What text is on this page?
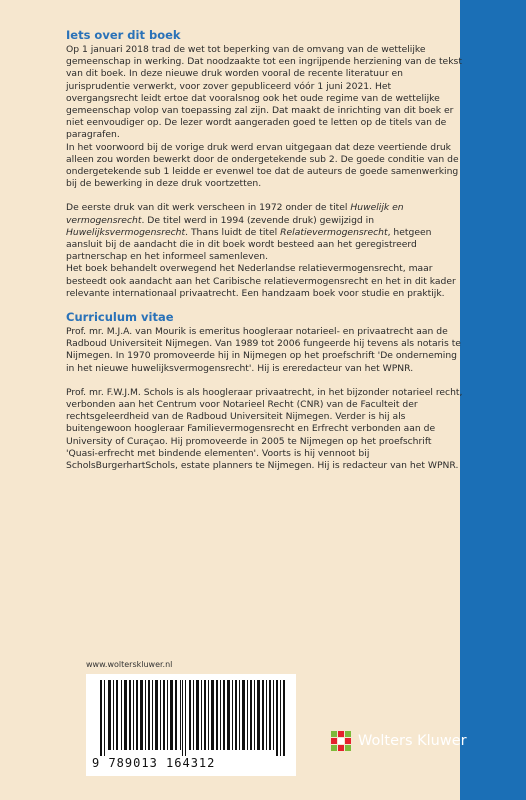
Iets over dit boek

Op 1 januari 2018 trad de wet tot beperking van de omvang van de wettelijke gemeenschap in werking. Dat noodzaakte tot een ingrijpende herziening van de tekst van dit boek. In deze nieuwe druk worden vooral de recente literatuur en jurisprudentie verwerkt, voor zover gepubliceerd vóór 1 juni 2021. Het overgangsrecht leidt ertoe dat vooralsnog ook het oude regime van de wettelijke gemeenschap volop van toepassing zal zijn. Dat maakt de inrichting van dit boek er niet eenvoudiger op. De lezer wordt aangeraden goed te letten op de titels van de paragrafen.

In het voorwoord bij de vorige druk werd ervan uitgegaan dat deze veertiende druk alleen zou worden bewerkt door de ondergetekende sub 2. De goede conditie van de ondergetekende sub 1 leidde er evenwel toe dat de auteurs de goede samenwerking bij de bewerking in deze druk voortzetten.

De eerste druk van dit werk verscheen in 1972 onder de titel Huwelijk en vermogensrecht. De titel werd in 1994 (zevende druk) gewijzigd in Huwelijksvermogensrecht. Thans luidt de titel Relatievermogensrecht, hetgeen aansluit bij de aandacht die in dit boek wordt besteed aan het geregistreerd partnerschap en het informeel samenleven.

Het boek behandelt overwegend het Nederlandse relatievermogensrecht, maar besteedt ook aandacht aan het Caribische relatievermogensrecht en het in dit kader relevante internationaal privaatrecht. Een handzaam boek voor studie en praktijk.

Curriculum vitae

Prof. mr. M.J.A. van Mourik is emeritus hoogleraar notarieel- en privaatrecht aan de Radboud Universiteit Nijmegen. Van 1989 tot 2006 fungeerde hij tevens als notaris te Nijmegen. In 1970 promoveerde hij in Nijmegen op het proefschrift 'De onderneming in het nieuwe huwelijksvermogensrecht'. Hij is ereredacteur van het WPNR.

Prof. mr. F.W.J.M. Schols is als hoogleraar privaatrecht, in het bijzonder notarieel recht, verbonden aan het Centrum voor Notarieel Recht (CNR) van de Faculteit der rechtsgeleerdheid van de Radboud Universiteit Nijmegen. Verder is hij als buitengewoon hoogleraar Familievermogensrecht en Erfrecht verbonden aan de University of Curaçao. Hij promoveerde in 2005 te Nijmegen op het proefschrift 'Quasi-erfrecht met bindende elementen'. Voorts is hij vennoot bij ScholsBurgerhartSchols, estate planners te Nijmegen. Hij is redacteur van het WPNR.

www.wolterskluwer.nl
9 789013 164312
Wolters Kluwer
